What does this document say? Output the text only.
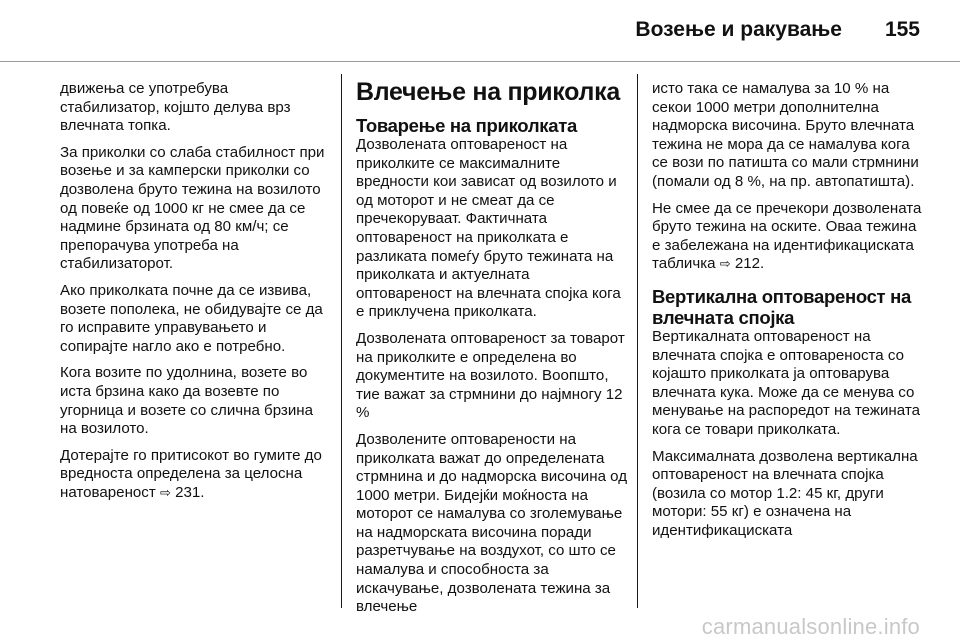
Возење и ракување 155

движења се употребува стабилизатор, којшто делува врз влечната топка.

За приколки со слаба стабилност при возење и за камперски приколки со дозволена бруто тежина на возилото од повеќе од 1000 кг не смее да се надмине брзината од 80 км/ч; се препорачува употреба на стабилизаторот.

Ако приколката почне да се извива, возете пополека, не обидувајте се да го исправите управувањето и сопирајте нагло ако е потребно.

Кога возите по удолнина, возете во иста брзина како да возевте по угорница и возете со слична брзина на возилото.

Дотерајте го притисокот во гумите до вредноста определена за целосна натовареност ⇨ 231.

Влечење на приколка
Товарење на приколката

Дозволената оптовареност на приколките се максималните вредности кои зависат од возилото и од моторот и не смеат да се пречекоруваат. Фактичната оптовареност на приколката е разликата помеѓу бруто тежината на приколката и актуелната оптовареност на влечната спојка кога е приклучена приколката.

Дозволената оптовареност за товарот на приколките е определена во документите на возилото. Воопшто, тие важат за стрмнини до најмногу 12 %

Дозволените оптоварености на приколката важат до определената стрмнина и до надморска височина од 1000 метри. Бидејќи моќноста на моторот се намалува со зголемување на надморската височина поради разретчување на воздухот, со што се намалува и способноста за искачување, дозволената тежина за влечење

исто така се намалува за 10 % на секои 1000 метри дополнителна надморска височина. Бруто влечната тежина не мора да се намалува кога се вози по патишта со мали стрмнини (помали од 8 %, на пр. автопатишта).

Не смее да се пречекори дозволената бруто тежина на оските. Оваа тежина е забележана на идентификациската табличка ⇨ 212.

Вертикална оптовареност на влечната спојка

Вертикалната оптовареност на влечната спојка е оптовареноста со којашто приколката ја оптоварува влечната кука. Може да се менува со менување на распоредот на тежината кога се товари приколката.

Максималната дозволена вертикална оптовареност на влечната спојка (возила со мотор 1.2: 45 кг, други мотори: 55 кг) е означена на идентификациската

carmanualsonline.info
